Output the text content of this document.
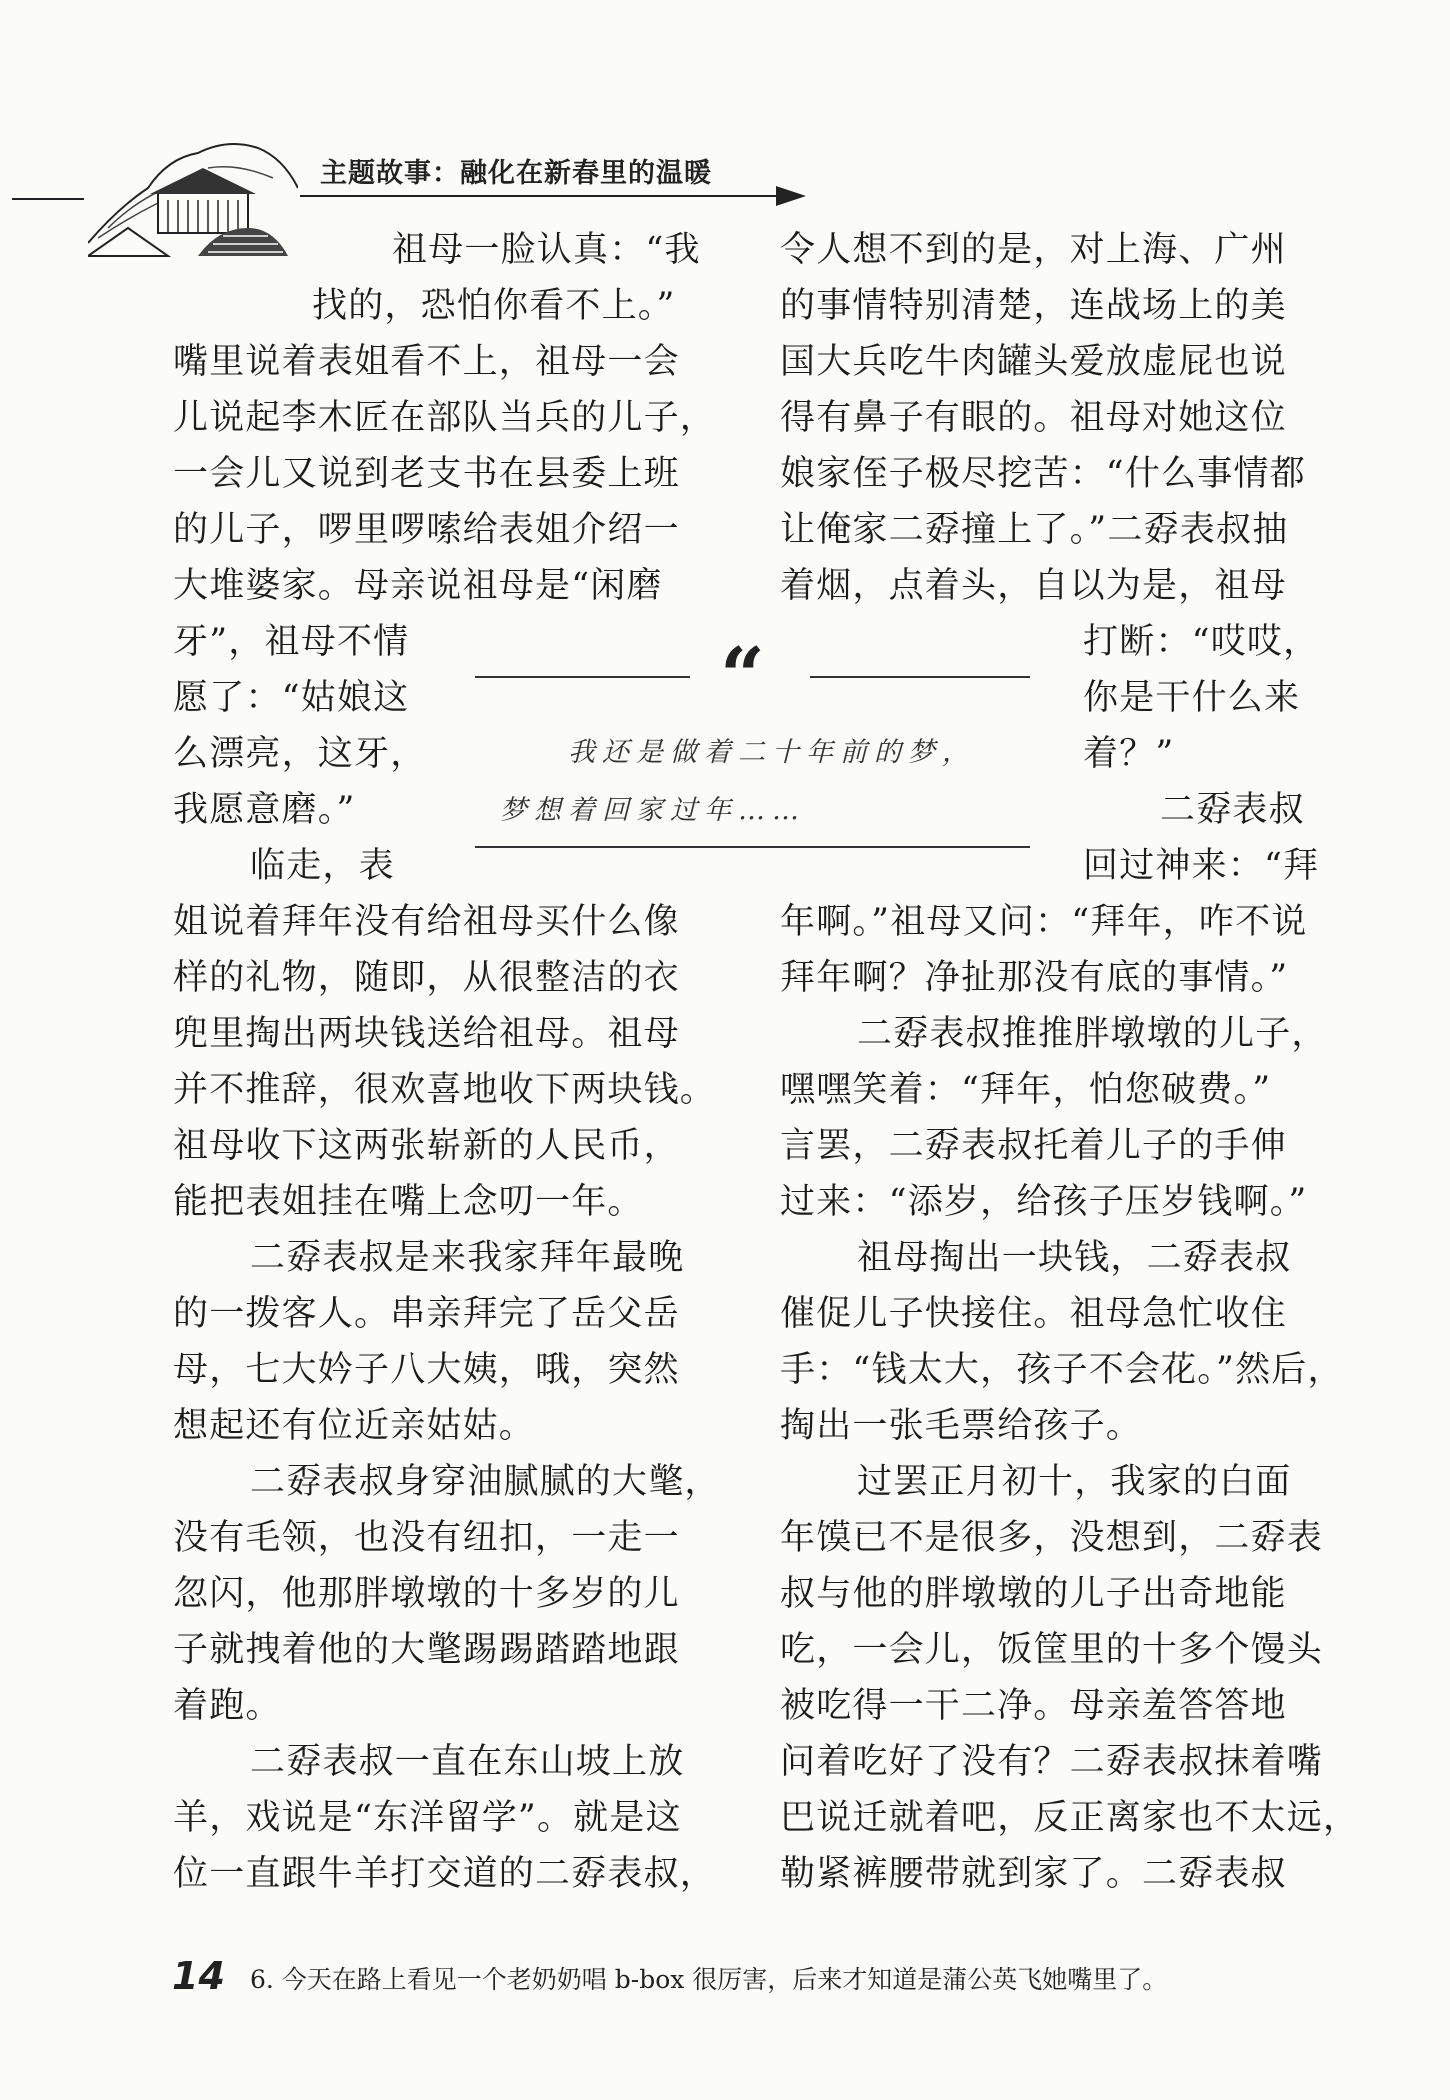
主题故事：融化在新春里的温暖
祖母一脸认真：“我
找的，恐怕你看不上。”
嘴里说着表姐看不上，祖母一会
儿说起李木匠在部队当兵的儿子，
一会儿又说到老支书在县委上班
的儿子，啰里啰嗦给表姐介绍一
大堆婆家。母亲说祖母是“闲磨
牙”，祖母不情
愿了：“姑娘这
么漂亮，这牙，
我愿意磨。”
临走，表
姐说着拜年没有给祖母买什么像
样的礼物，随即，从很整洁的衣
兜里掏出两块钱送给祖母。祖母
并不推辞，很欢喜地收下两块钱。
祖母收下这两张崭新的人民币，
能把表姐挂在嘴上念叨一年。
二孬表叔是来我家拜年最晚
的一拨客人。串亲拜完了岳父岳
母，七大妗子八大姨，哦，突然
想起还有位近亲姑姑。
二孬表叔身穿油腻腻的大氅，
没有毛领，也没有纽扣，一走一
忽闪，他那胖墩墩的十多岁的儿
子就拽着他的大氅踢踢踏踏地跟
着跑。
二孬表叔一直在东山坡上放
羊，戏说是“东洋留学”。就是这
位一直跟牛羊打交道的二孬表叔，
令人想不到的是，对上海、广州
的事情特别清楚，连战场上的美
国大兵吃牛肉罐头爱放虚屁也说
得有鼻子有眼的。祖母对她这位
娘家侄子极尽挖苦：“什么事情都
让俺家二孬撞上了。”二孬表叔抽
着烟，点着头，自以为是，祖母
打断：“哎哎，
你是干什么来
着？”
二孬表叔
回过神来：“拜
年啊。”祖母又问：“拜年，咋不说
拜年啊？净扯那没有底的事情。”
二孬表叔推推胖墩墩的儿子，
嘿嘿笑着：“拜年，怕您破费。”
言罢，二孬表叔托着儿子的手伸
过来：“添岁，给孩子压岁钱啊。”
祖母掏出一块钱，二孬表叔
催促儿子快接住。祖母急忙收住
手：“钱太大，孩子不会花。”然后，
掏出一张毛票给孩子。
过罢正月初十，我家的白面
年馍已不是很多，没想到，二孬表
叔与他的胖墩墩的儿子出奇地能
吃，一会儿，饭筐里的十多个馒头
被吃得一干二净。母亲羞答答地
问着吃好了没有？二孬表叔抹着嘴
巴说迁就着吧，反正离家也不太远，
勒紧裤腰带就到家了。二孬表叔
“
我还是做着二十年前的梦，
梦想着回家过年……
14 6. 今天在路上看见一个老奶奶唱 b-box 很厉害，后来才知道是蒲公英飞她嘴里了。
